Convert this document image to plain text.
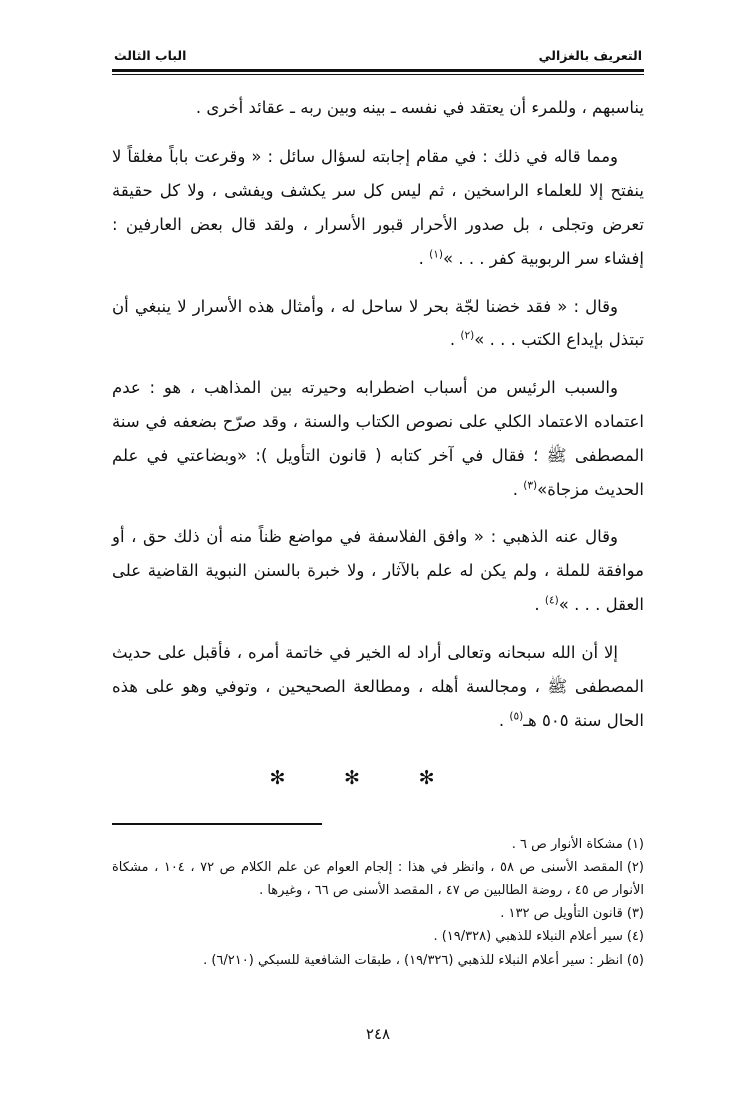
الباب الثالث	التعريف بالغزالي

يناسبهم ، وللمرء أن يعتقد في نفسه ـ بينه وبين ربه ـ عقائد أخرى .

ومما قاله في ذلك : في مقام إجابته لسؤال سائل : « وقرعت باباً مغلقاً لا ينفتح إلا للعلماء الراسخين ، ثم ليس كل سر يكشف ويفشى ، ولا كل حقيقة تعرض وتجلى ، بل صدور الأحرار قبور الأسرار ، ولقد قال بعض العارفين : إفشاء سر الربوبية كفر . . . »$^{(١)}$ .

وقال : « فقد خضنا لجّة بحر لا ساحل له ، وأمثال هذه الأسرار لا ينبغي أن تبتذل بإيداع الكتب . . . »$^{(٢)}$ .

والسبب الرئيس من أسباب اضطرابه وحيرته بين المذاهب ، هو : عدم اعتماده الاعتماد الكلي على نصوص الكتاب والسنة ، وقد صرّح بضعفه في سنة المصطفى ﷺ ؛ فقال في آخر كتابه ( قانون التأويل ): «وبضاعتي في علم الحديث مزجاة»$^{(٣)}$ .

وقال عنه الذهبي : « وافق الفلاسفة في مواضع ظناً منه أن ذلك حق ، أو موافقة للملة ، ولم يكن له علم بالآثار ، ولا خبرة بالسنن النبوية القاضية على العقل . . . »$^{(٤)}$ .

إلا أن الله سبحانه وتعالى أراد له الخير في خاتمة أمره ، فأقبل على حديث المصطفى ﷺ ، ومجالسة أهله ، ومطالعة الصحيحين ، وتوفي وهو على هذه الحال سنة ٥٠٥ هـ$^{(٥)}$ .

✻ ✻ ✻
(١)مشكاة الأنوار ص ٦ .
(٢)المقصد الأسنى ص ٥٨ ، وانظر في هذا : إلجام العوام عن علم الكلام ص ٧٢ ، ١٠٤ ، مشكاة الأنوار ص ٤٥ ، روضة الطالبين ص ٤٧ ، المقصد الأسنى ص ٦٦ ، وغيرها .
(٣)قانون التأويل ص ١٣٢ .
(٤)سير أعلام النبلاء للذهبي (١٩/٣٢٨) .
(٥)انظر : سير أعلام النبلاء للذهبي (١٩/٣٢٦) ، طبقات الشافعية للسبكي (٦/٢١٠) .
٢٤٨
